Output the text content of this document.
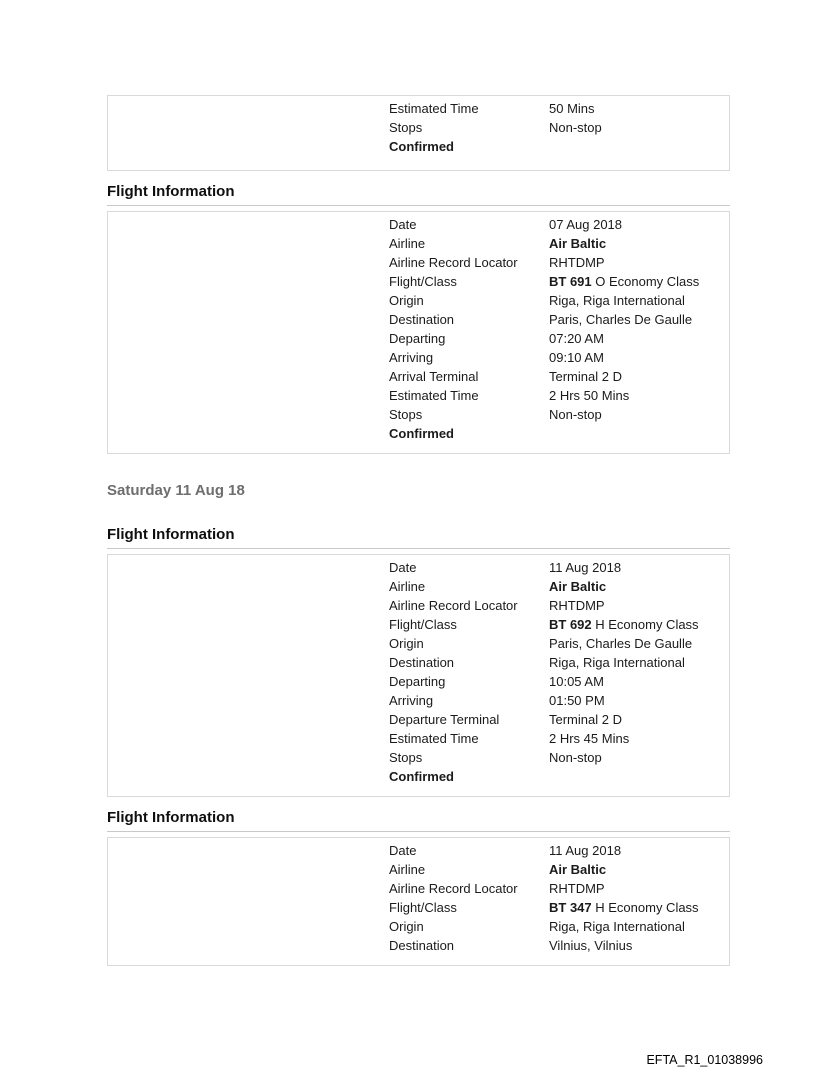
Estimated Time	50 Mins
Stops	Non-stop
Confirmed
Flight Information
Date	07 Aug 2018
Airline	Air Baltic
Airline Record Locator	RHTDMP
Flight/Class	BT 691 O Economy Class
Origin	Riga, Riga International
Destination	Paris, Charles De Gaulle
Departing	07:20 AM
Arriving	09:10 AM
Arrival Terminal	Terminal 2 D
Estimated Time	2 Hrs 50 Mins
Stops	Non-stop
Confirmed
Saturday 11 Aug 18
Flight Information
Date	11 Aug 2018
Airline	Air Baltic
Airline Record Locator	RHTDMP
Flight/Class	BT 692 H Economy Class
Origin	Paris, Charles De Gaulle
Destination	Riga, Riga International
Departing	10:05 AM
Arriving	01:50 PM
Departure Terminal	Terminal 2 D
Estimated Time	2 Hrs 45 Mins
Stops	Non-stop
Confirmed
Flight Information
Date	11 Aug 2018
Airline	Air Baltic
Airline Record Locator	RHTDMP
Flight/Class	BT 347 H Economy Class
Origin	Riga, Riga International
Destination	Vilnius, Vilnius
EFTA_R1_01038996
